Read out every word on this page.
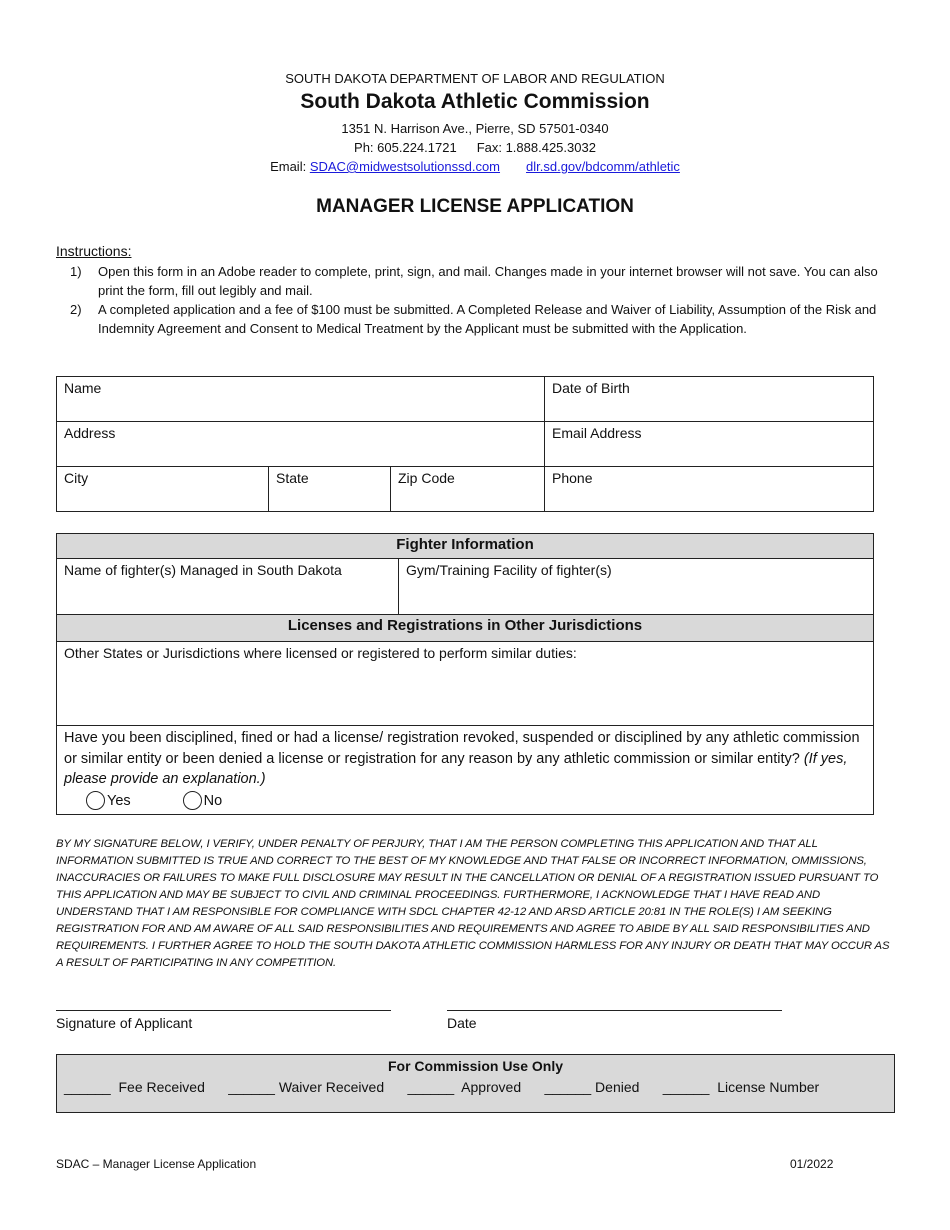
SOUTH DAKOTA DEPARTMENT OF LABOR AND REGULATION
South Dakota Athletic Commission
1351 N. Harrison Ave., Pierre, SD 57501-0340
Ph: 605.224.1721 Fax: 1.888.425.3032
Email: SDAC@midwestsolutionssd.com dlr.sd.gov/bdcomm/athletic
MANAGER LICENSE APPLICATION
Instructions:
1)	Open this form in an Adobe reader to complete, print, sign, and mail. Changes made in your internet browser will not save. You can also print the form, fill out legibly and mail.
2)	A completed application and a fee of $100 must be submitted. A Completed Release and Waiver of Liability, Assumption of the Risk and Indemnity Agreement and Consent to Medical Treatment by the Applicant must be submitted with the Application.
Name			Date of Birth
Address			Email Address
City	State	Zip Code	Phone
Fighter Information
Name of fighter(s) Managed in South Dakota	Gym/Training Facility of fighter(s)
Licenses and Registrations in Other Jurisdictions
Other States or Jurisdictions where licensed or registered to perform similar duties:
Have you been disciplined, fined or had a license/ registration revoked, suspended or disciplined by any athletic commission or similar entity or been denied a license or registration for any reason by any athletic commission or similar entity? (If yes, please provide an explanation.)
Yes	No
BY MY SIGNATURE BELOW, I VERIFY, UNDER PENALTY OF PERJURY, THAT I AM THE PERSON COMPLETING THIS APPLICATION AND THAT ALL INFORMATION SUBMITTED IS TRUE AND CORRECT TO THE BEST OF MY KNOWLEDGE AND THAT FALSE OR INCORRECT INFORMATION, OMMISSIONS, INACCURACIES OR FAILURES TO MAKE FULL DISCLOSURE MAY RESULT IN THE CANCELLATION OR DENIAL OF A REGISTRATION ISSUED PURSUANT TO THIS APPLICATION AND MAY BE SUBJECT TO CIVIL AND CRIMINAL PROCEEDINGS. FURTHERMORE, I ACKNOWLEDGE THAT I HAVE READ AND UNDERSTAND THAT I AM RESPONSIBLE FOR COMPLIANCE WITH SDCL CHAPTER 42-12 AND ARSD ARTICLE 20:81 IN THE ROLE(S) I AM SEEKING REGISTRATION FOR AND AM AWARE OF ALL SAID RESPONSIBILITIES AND REQUIREMENTS AND AGREE TO ABIDE BY ALL SAID RESPONSIBILITIES AND REQUIREMENTS. I FURTHER AGREE TO HOLD THE SOUTH DAKOTA ATHLETIC COMMISSION HARMLESS FOR ANY INJURY OR DEATH THAT MAY OCCUR AS A RESULT OF PARTICIPATING IN ANY COMPETITION.
Signature of Applicant	Date
For Commission Use Only
______  Fee Received      ______ Waiver Received      ______  Approved      ______ Denied      ______  License Number
SDAC – Manager License Application	01/2022
